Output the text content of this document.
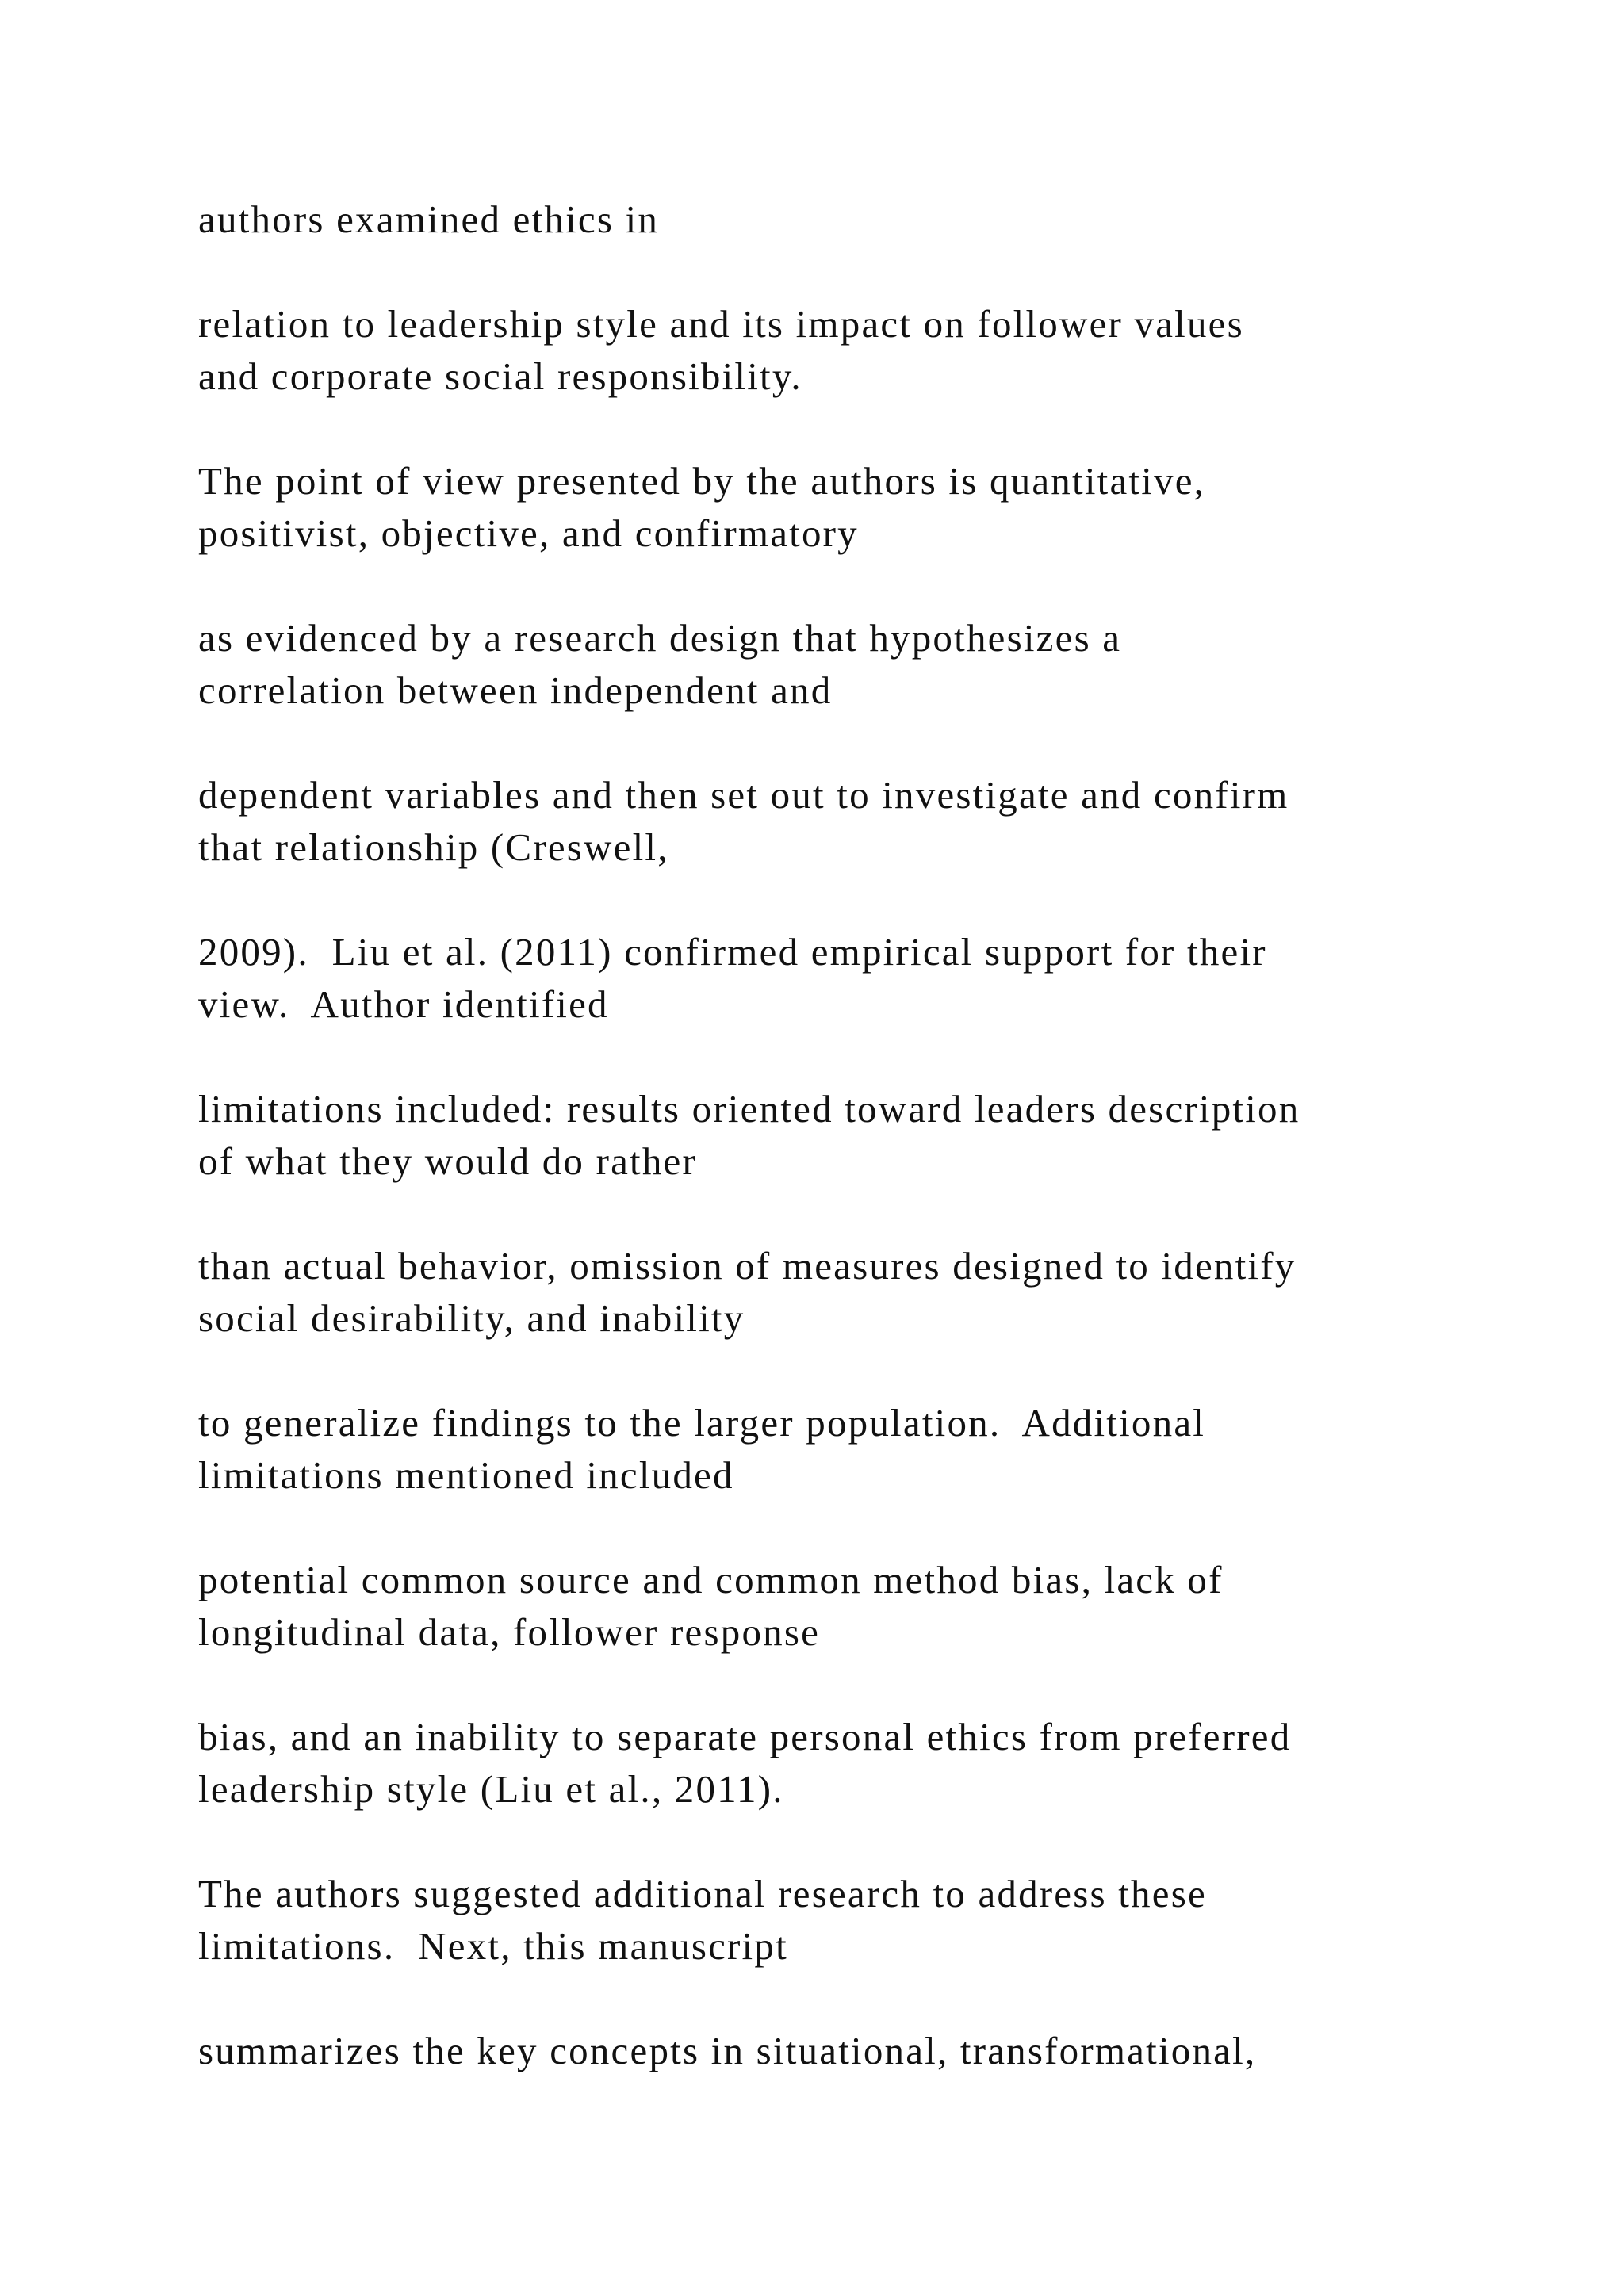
authors examined ethics in

relation to leadership style and its impact on follower values
and corporate social responsibility.

The point of view presented by the authors is quantitative,
positivist, objective, and confirmatory

as evidenced by a research design that hypothesizes a
correlation between independent and

dependent variables and then set out to investigate and confirm
that relationship (Creswell,

2009).  Liu et al. (2011) confirmed empirical support for their
view.  Author identified

limitations included: results oriented toward leaders description
of what they would do rather

than actual behavior, omission of measures designed to identify
social desirability, and inability

to generalize findings to the larger population.  Additional
limitations mentioned included

potential common source and common method bias, lack of
longitudinal data, follower response

bias, and an inability to separate personal ethics from preferred
leadership style (Liu et al., 2011).

The authors suggested additional research to address these
limitations.  Next, this manuscript

summarizes the key concepts in situational, transformational,
